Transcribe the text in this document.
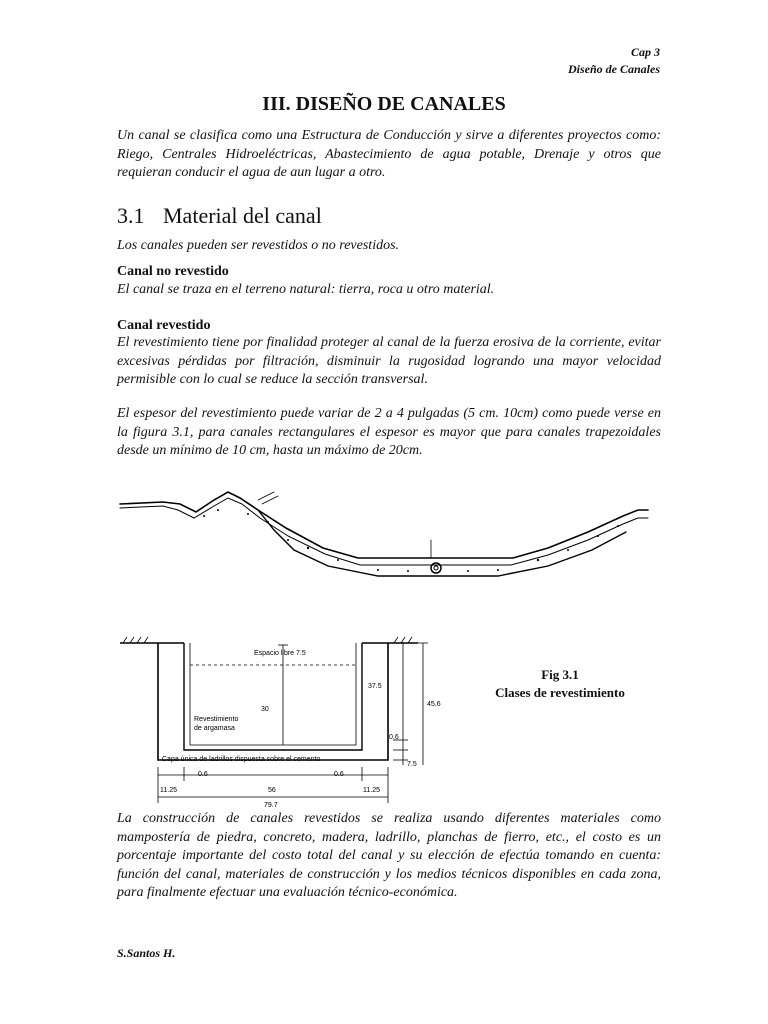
Cap 3
Diseño de Canales
III. DISEÑO DE CANALES

Un canal se clasifica como una Estructura de Conducción y sirve a diferentes proyectos como: Riego, Centrales Hidroeléctricas, Abastecimiento de agua potable, Drenaje y otros que requieran conducir el agua de aun lugar a otro.

3.1 Material del canal

Los canales pueden ser revestidos o no revestidos.

Canal no revestido

El canal se traza en el terreno natural: tierra, roca u otro material.

Canal revestido

El revestimiento tiene por finalidad proteger al canal de la fuerza erosiva de la corriente, evitar excesivas pérdidas por filtración, disminuir la rugosidad logrando una mayor velocidad permisible con lo cual se reduce la sección transversal.

El espesor del revestimiento puede variar de 2 a 4 pulgadas (5 cm. 10cm) como puede verse en la figura 3.1, para canales rectangulares el espesor es mayor que para canales trapezoidales desde un mínimo de 10 cm, hasta un máximo de 20cm.

Espacio libre 7.5
30
Revestimiento
de argamasa
Capa única de ladrillos dispuesta sobre el cemento
37.5
45.6
0.6
7.5
0.6	0.6
11.25	56	11.25
79.7
Fig 3.1
Clases de revestimiento

La construcción de canales revestidos se realiza usando diferentes materiales como mampostería de piedra, concreto, madera, ladrillo, planchas de fierro, etc., el costo es un porcentaje importante del costo total del canal y su elección de efectúa tomando en cuenta: función del canal, materiales de construcción y los medios técnicos disponibles en cada zona, para finalmente efectuar una evaluación técnico-económica.

S.Santos H.
